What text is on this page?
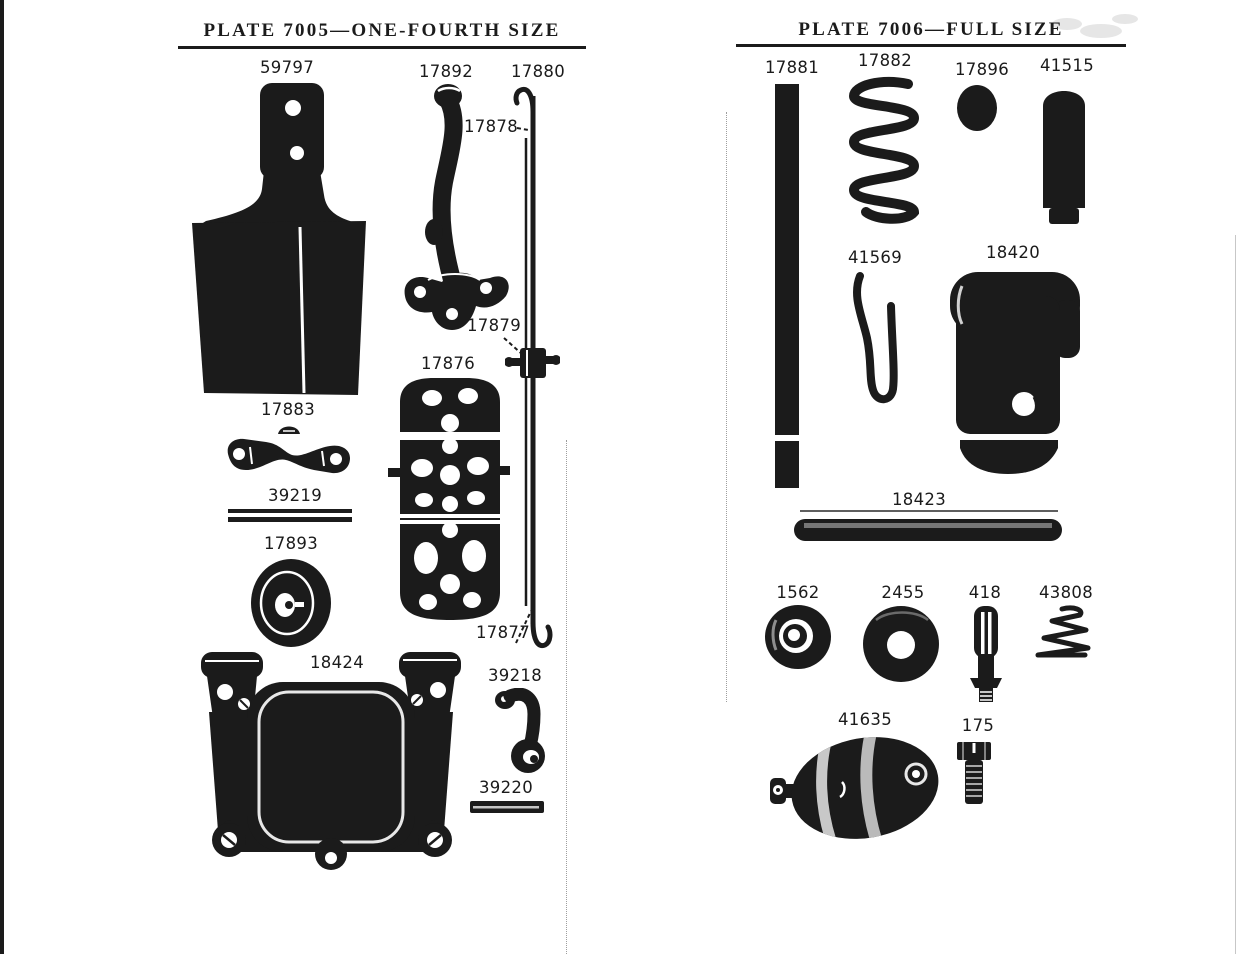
PLATE 7005—ONE-FOURTH SIZE
59797	17892 17880
17878
17879
17876
17883
39219
17893
18424
17877
39218
39220
PLATE 7006—FULL SIZE
17881 17882	17896 41515
41569	18420
18423
1562	2455	418 43808
41635	175
